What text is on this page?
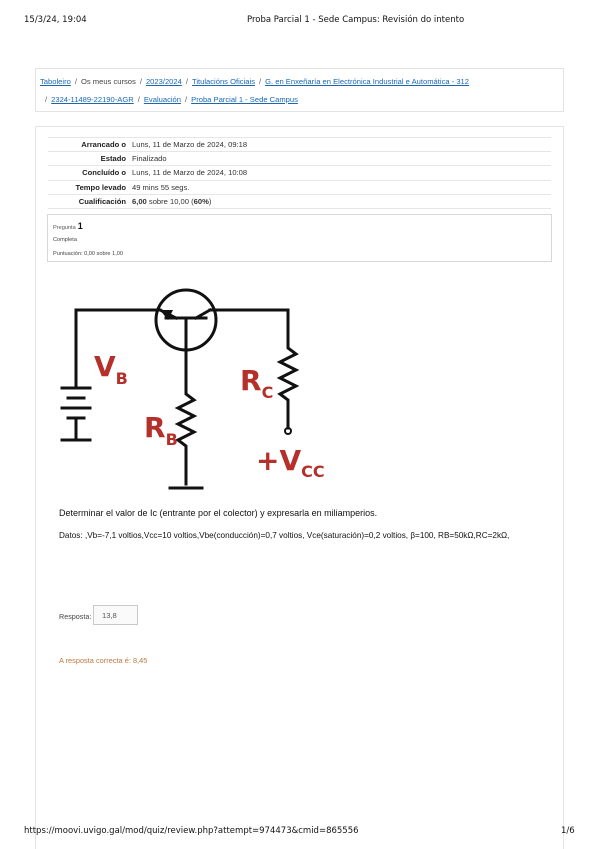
15/3/24, 19:04	Proba Parcial 1 - Sede Campus: Revisión do intento
Taboleiro / Os meus cursos / 2023/2024 / Titulacións Oficiais / G. en Enxeñaría en Electrónica Industrial e Automática - 312
/ 2324-11489-22190-AGR / Evaluación / Proba Parcial 1 - Sede Campus
Arrancado o	Luns, 11 de Marzo de 2024, 09:18
Estado	Finalizado
Concluído o	Luns, 11 de Marzo de 2024, 10:08
Tempo levado	49 mins 55 segs.
Cualificación	6,00 sobre 10,00 (60%)
Pregunta 1
Completa
Puntuación: 0,00 sobre 1,00
$V_B$
$R_B$
$R_C$
$+V_{CC}$
Determinar el valor de Ic (entrante por el colector) y expresarla en miliamperios.
Datos: ,Vb=-7,1 voltios,Vcc=10 voltios,Vbe(conducción)=0,7 voltios, Vce(saturación)=0,2 voltios, β=100, RB=50kΩ,RC=2kΩ,
Resposta:	13,8
A resposta correcta é: 8,45
https://moovi.uvigo.gal/mod/quiz/review.php?attempt=974473&cmid=865556	1/6
